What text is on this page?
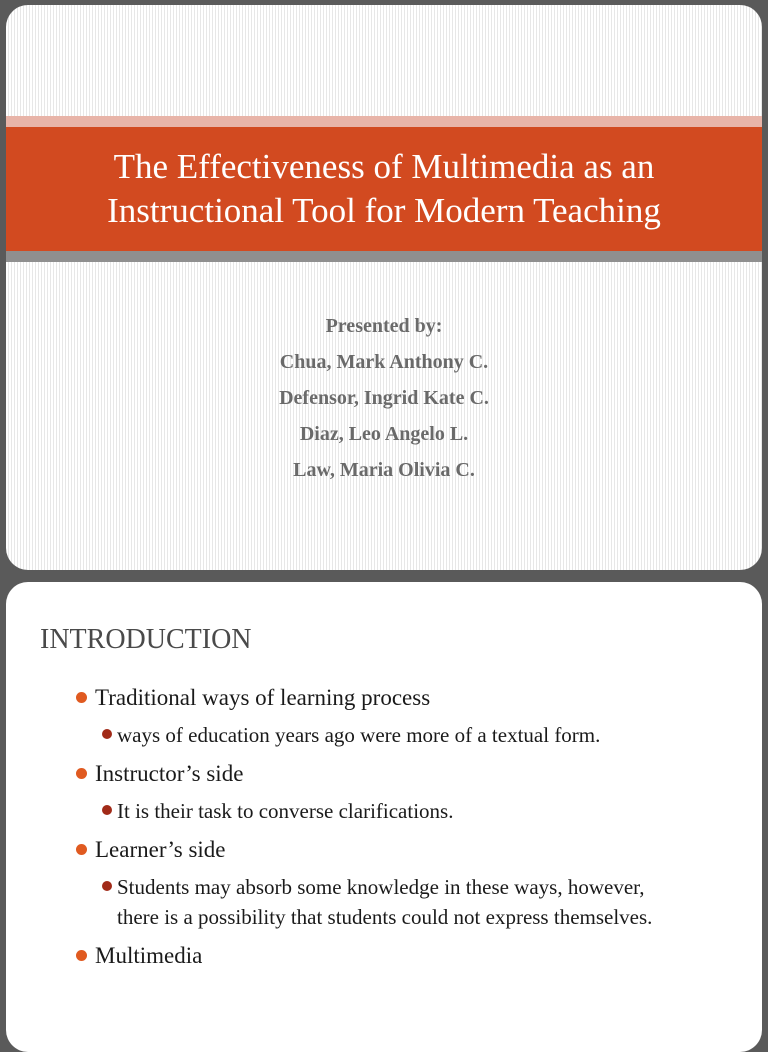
The Effectiveness of Multimedia as an Instructional Tool for Modern Teaching
Presented by:
Chua, Mark Anthony C.
Defensor, Ingrid Kate C.
Diaz, Leo Angelo L.
Law, Maria Olivia C.
INTRODUCTION
Traditional ways of learning process
ways of education years ago were more of a textual form.
Instructor’s side
It is their task to converse clarifications.
Learner’s side
Students may absorb some knowledge in these ways, however, there is a possibility that students could not express themselves.
Multimedia
